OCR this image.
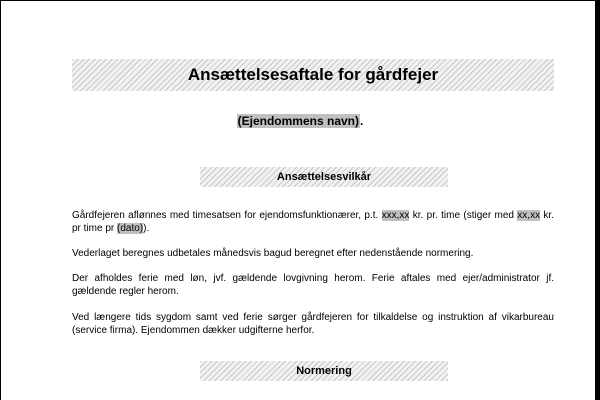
Ansættelsesaftale for gårdfejer
(Ejendommens navn).
Ansættelsesvilkår

Gårdfejeren aflønnes med timesatsen for ejendomsfunktionærer, p.t. xxx,xx kr. pr. time (stiger med xx,xx kr. pr time pr (dato)).

Vederlaget beregnes udbetales månedsvis bagud beregnet efter nedenstående normering.

Der afholdes ferie med løn, jvf. gældende lovgivning herom. Ferie aftales med ejer/administrator jf. gældende regler herom.

Ved længere tids sygdom samt ved ferie sørger gårdfejeren for tilkaldelse og instruktion af vikarbureau (service firma). Ejendommen dækker udgifterne herfor.

Normering
